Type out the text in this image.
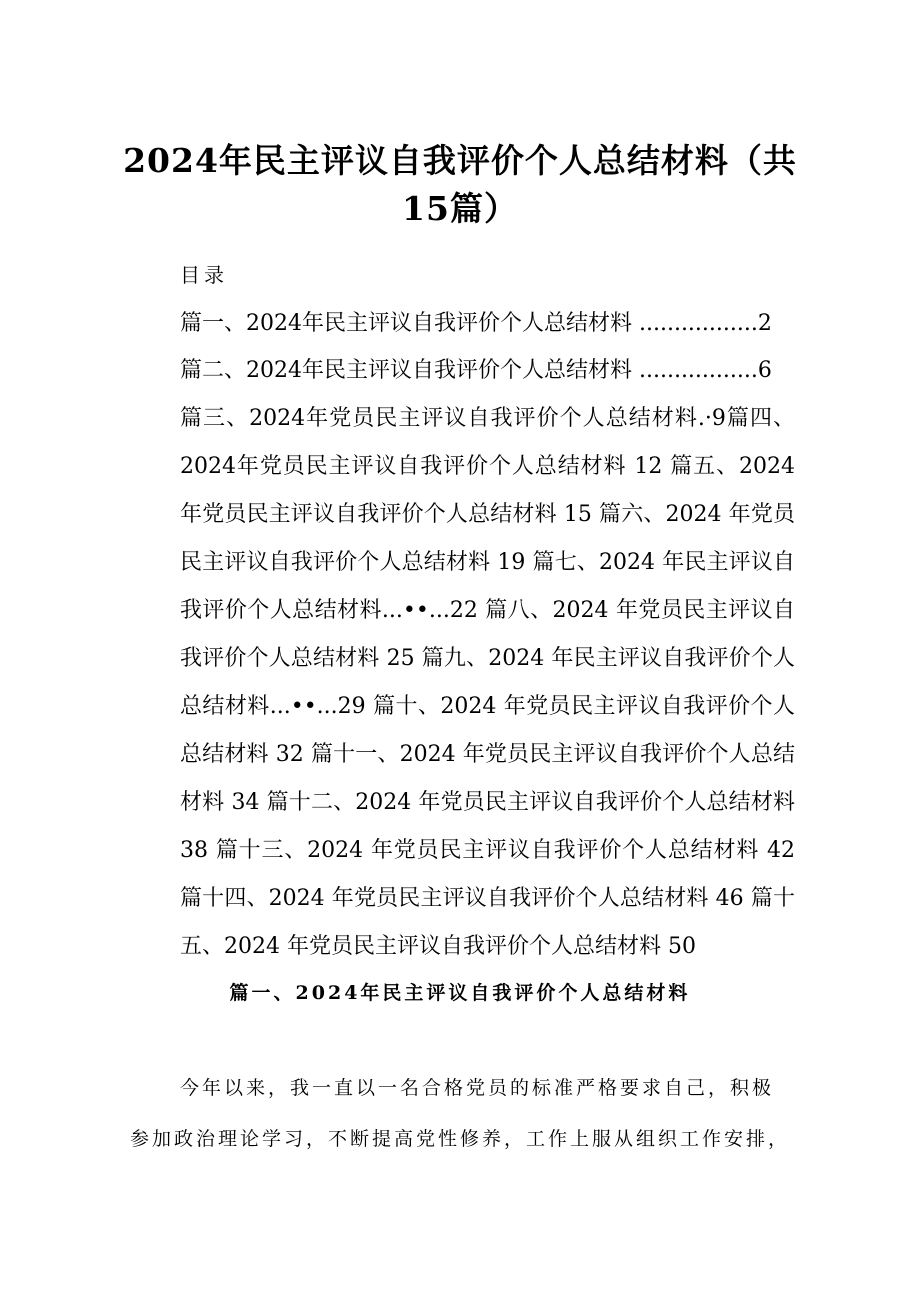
2024年民主评议自我评价个人总结材料（共
15篇）
目录
篇一、2024年民主评议自我评价个人总结材料 .................2
篇二、2024年民主评议自我评价个人总结材料 .................6
篇三、2024年党员民主评议自我评价个人总结材料.·9篇四、
2024年党员民主评议自我评价个人总结材料 12 篇五、2024
年党员民主评议自我评价个人总结材料 15 篇六、2024 年党员
民主评议自我评价个人总结材料 19 篇七、2024 年民主评议自
我评价个人总结材料...••...22 篇八、2024 年党员民主评议自
我评价个人总结材料 25 篇九、2024 年民主评议自我评价个人
总结材料...••...29 篇十、2024 年党员民主评议自我评价个人
总结材料 32 篇十一、2024 年党员民主评议自我评价个人总结
材料 34 篇十二、2024 年党员民主评议自我评价个人总结材料
38 篇十三、2024 年党员民主评议自我评价个人总结材料 42
篇十四、2024 年党员民主评议自我评价个人总结材料 46 篇十
五、2024 年党员民主评议自我评价个人总结材料 50
篇一、2024年民主评议自我评价个人总结材料
今年以来，我一直以一名合格党员的标准严格要求自己，积极
参加政治理论学习，不断提高党性修养，工作上服从组织工作安排，
